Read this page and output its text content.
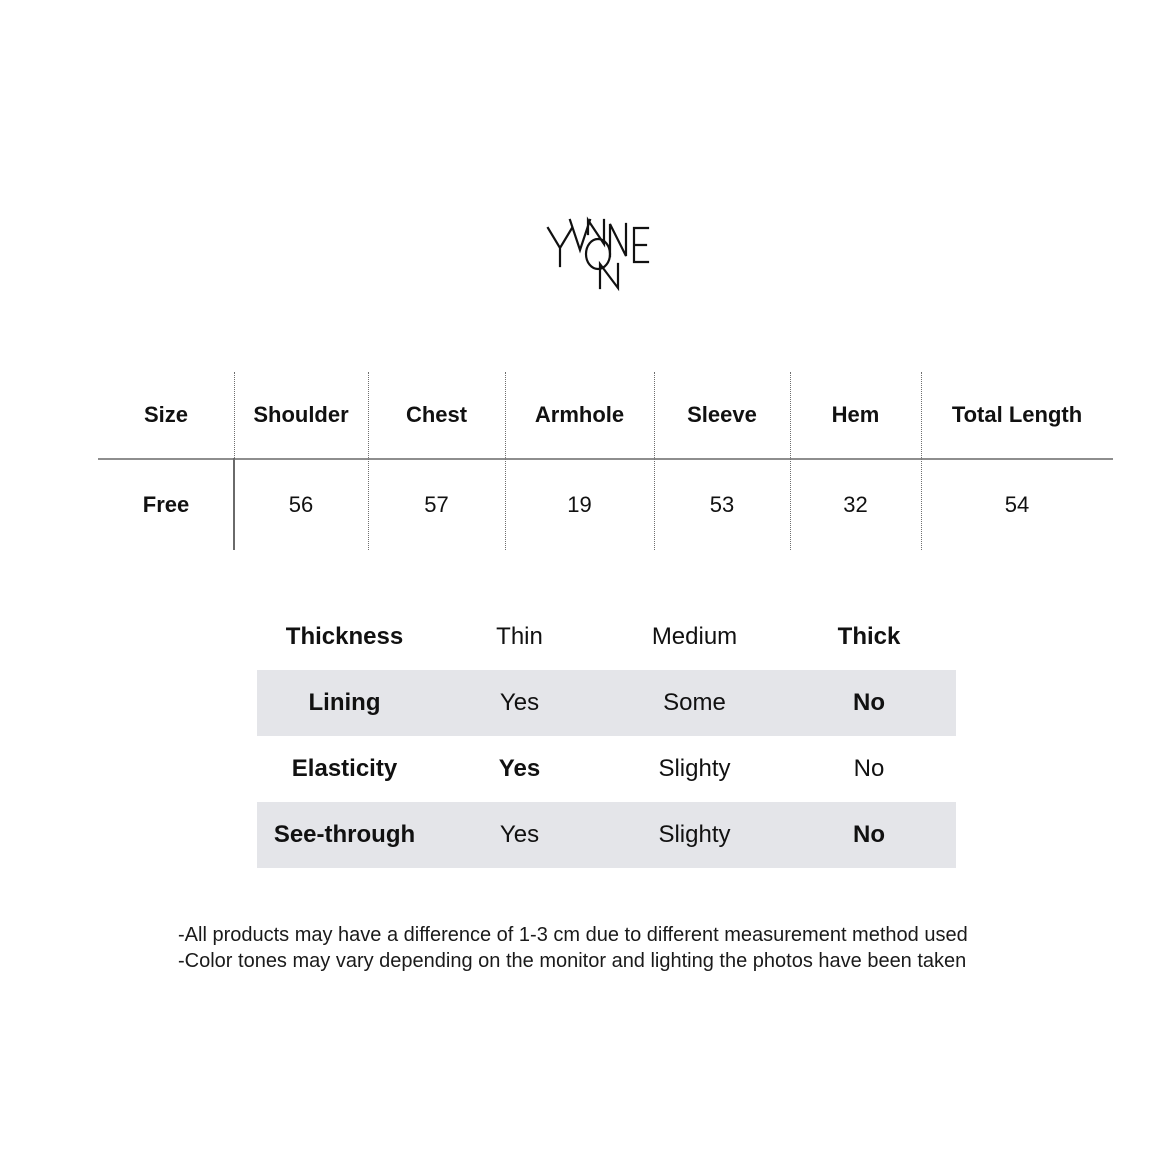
Size	Shoulder	Chest	Armhole	Sleeve	Hem	Total Length
Free	56	57	19	53	32	54
Thickness	Thin	Medium	Thick
Lining	Yes	Some	No
Elasticity	Yes	Slighty	No
See-through	Yes	Slighty	No
-All products may have a difference of 1-3 cm due to different measurement method used
-Color tones may vary depending on the monitor and lighting the photos have been taken
